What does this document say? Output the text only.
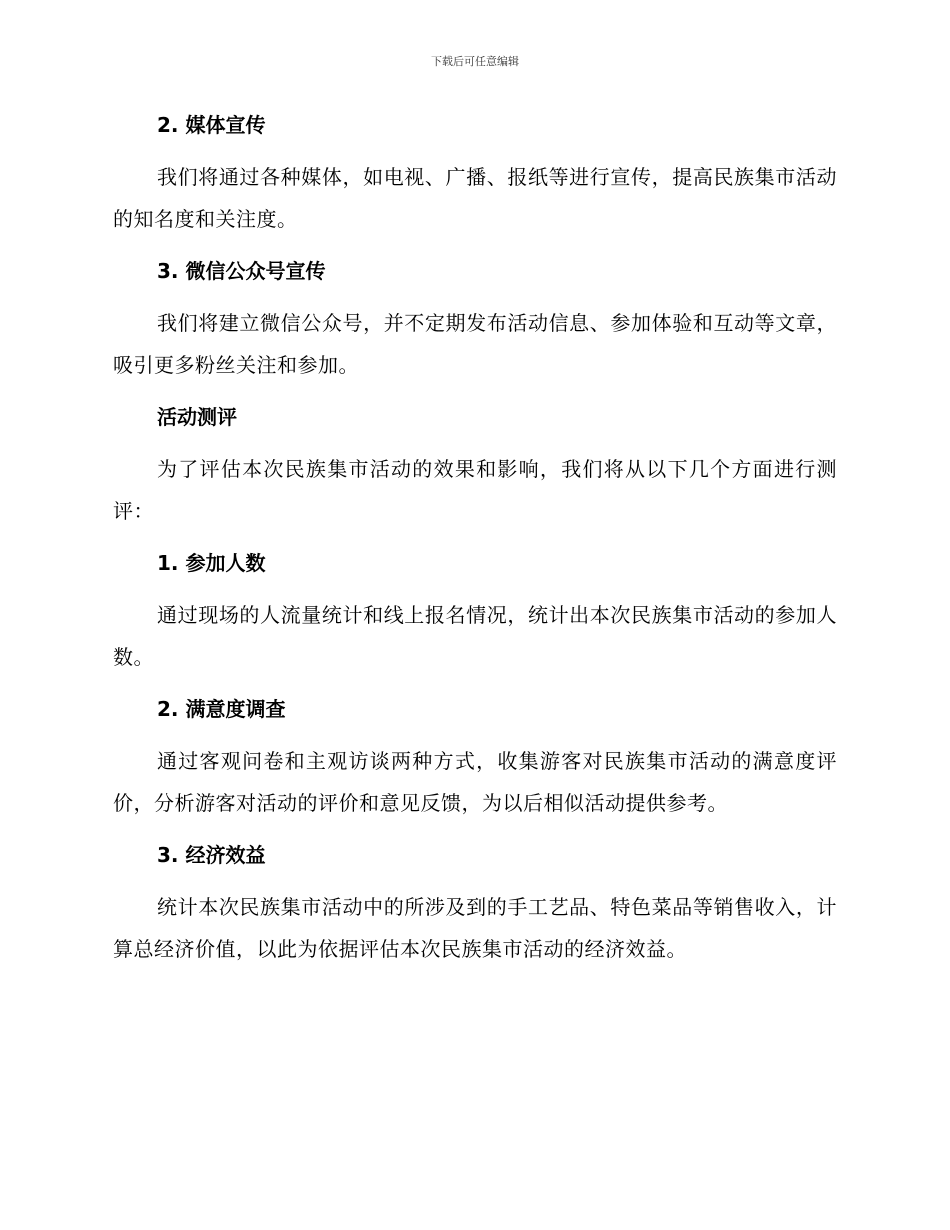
下载后可任意编辑
2. 媒体宣传

我们将通过各种媒体，如电视、广播、报纸等进行宣传，提高民族集市活动的知名度和关注度。

3. 微信公众号宣传

我们将建立微信公众号，并不定期发布活动信息、参加体验和互动等文章，吸引更多粉丝关注和参加。

活动测评

为了评估本次民族集市活动的效果和影响，我们将从以下几个方面进行测评：

1. 参加人数

通过现场的人流量统计和线上报名情况，统计出本次民族集市活动的参加人数。

2. 满意度调查

通过客观问卷和主观访谈两种方式，收集游客对民族集市活动的满意度评价，分析游客对活动的评价和意见反馈，为以后相似活动提供参考。

3. 经济效益

统计本次民族集市活动中的所涉及到的手工艺品、特色菜品等销售收入，计算总经济价值，以此为依据评估本次民族集市活动的经济效益。
